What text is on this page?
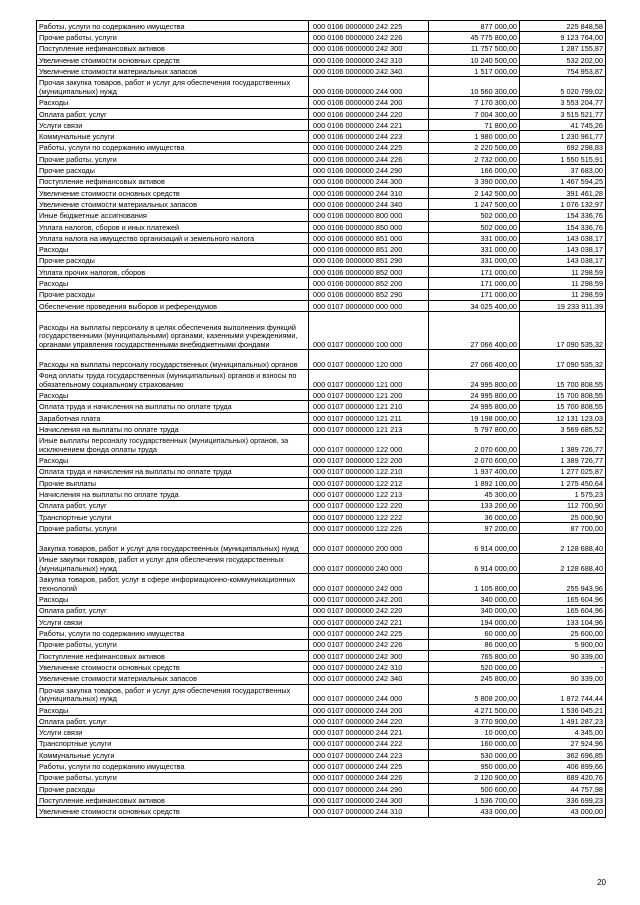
Работы, услуги по содержанию имущества	000 0106 0000000 242 225	877 000,00	225 848,58
Прочие работы, услуги	000 0106 0000000 242 226	45 775 800,00	9 123 764,00
Поступление нефинансовых активов	000 0106 0000000 242 300	11 757 500,00	1 287 155,87
Увеличение стоимости основных средств	000 0106 0000000 242 310	10 240 500,00	532 202,00
Увеличение стоимости материальных запасов	000 0106 0000000 242 340	1 517 000,00	754 953,87
Прочая закупка товаров, работ и услуг для обеспечения государственных (муниципальных) нужд	000 0106 0000000 244 000	10 560 300,00	5 020 799,02
Расходы	000 0106 0000000 244 200	7 170 300,00	3 553 204,77
Оплата работ, услуг	000 0106 0000000 244 220	7 004 300,00	3 515 521,77
Услуги связи	000 0106 0000000 244 221	71 800,00	41 745,26
Коммунальные услуги	000 0106 0000000 244 223	1 980 000,00	1 230 961,77
Работы, услуги по содержанию имущества	000 0106 0000000 244 225	2 220 500,00	692 298,83
Прочие работы, услуги	000 0106 0000000 244 226	2 732 000,00	1 550 515,91
Прочие расходы	000 0106 0000000 244 290	166 000,00	37 683,00
Поступление нефинансовых активов	000 0106 0000000 244 300	3 390 000,00	1 467 594,25
Увеличение стоимости основных средств	000 0106 0000000 244 310	2 142 500,00	391 461,28
Увеличение стоимости материальных запасов	000 0106 0000000 244 340	1 247 500,00	1 076 132,97
Иные бюджетные ассигнования	000 0106 0000000 800 000	502 000,00	154 336,76
Уплата налогов, сборов и иных платежей	000 0106 0000000 850 000	502 000,00	154 336,76
Уплата налога на имущество организаций и земельного налога	000 0106 0000000 851 000	331 000,00	143 038,17
Расходы	000 0106 0000000 851 200	331 000,00	143 038,17
Прочие расходы	000 0106 0000000 851 290	331 000,00	143 038,17
Уплата прочих налогов, сборов	000 0106 0000000 852 000	171 000,00	11 298,59
Расходы	000 0106 0000000 852 200	171 000,00	11 298,59
Прочие расходы	000 0106 0000000 852 290	171 000,00	11 298,59
Обеспечение проведения выборов и референдумов	000 0107 0000000 000 000	34 025 400,00	19 233 911,39
Расходы на выплаты персоналу в целях обеспечения выполнения функций государственными (муниципальными) органами, казенными учреждениями, органами управления государственными внебюджетными фондами	000 0107 0000000 100 000	27 066 400,00	17 090 535,32
Расходы на выплаты персоналу государственных (муниципальных) органов	000 0107 0000000 120 000	27 066 400,00	17 090 535,32
Фонд оплаты труда государственных (муниципальных) органов и взносы по обязательному социальному страхованию	000 0107 0000000 121 000	24 995 800,00	15 700 808,55
Расходы	000 0107 0000000 121 200	24 995 800,00	15 700 808,55
Оплата труда и начисления на выплаты по оплате труда	000 0107 0000000 121 210	24 995 800,00	15 700 808,55
Заработная плата	000 0107 0000000 121 211	19 198 000,00	12 131 123,03
Начисления на выплаты по оплате труда	000 0107 0000000 121 213	5 797 800,00	3 569 685,52
Иные выплаты персоналу государственных (муниципальных) органов, за исключением фонда оплаты труда	000 0107 0000000 122 000	2 070 600,00	1 389 726,77
Расходы	000 0107 0000000 122 200	2 070 600,00	1 389 726,77
Оплата труда и начисления на выплаты по оплате труда	000 0107 0000000 122 210	1 937 400,00	1 277 025,87
Прочие выплаты	000 0107 0000000 122 212	1 892 100,00	1 275 450,64
Начисления на выплаты по оплате труда	000 0107 0000000 122 213	45 300,00	1 575,23
Оплата работ, услуг	000 0107 0000000 122 220	133 200,00	112 700,90
Транспортные услуги	000 0107 0000000 122 222	36 000,00	25 000,90
Прочие работы, услуги	000 0107 0000000 122 226	97 200,00	87 700,00
Закупка товаров, работ и услуг для государственных (муниципальных) нужд	000 0107 0000000 200 000	6 914 000,00	2 128 688,40
Иные закупки товаров, работ и услуг для обеспечения государственных (муниципальных) нужд	000 0107 0000000 240 000	6 914 000,00	2 128 688,40
Закупка товаров, работ, услуг в сфере информационно-коммуникационных технологий	000 0107 0000000 242 000	1 105 800,00	255 943,96
Расходы	000 0107 0000000 242 200	340 000,00	165 604,96
Оплата работ, услуг	000 0107 0000000 242 220	340 000,00	165 604,96
Услуги связи	000 0107 0000000 242 221	194 000,00	133 104,96
Работы, услуги по содержанию имущества	000 0107 0000000 242 225	60 000,00	25 600,00
Прочие работы, услуги	000 0107 0000000 242 226	86 000,00	5 900,00
Поступление нефинансовых активов	000 0107 0000000 242 300	765 800,00	90 339,00
Увеличение стоимости основных средств	000 0107 0000000 242 310	520 000,00	-
Увеличение стоимости материальных запасов	000 0107 0000000 242 340	245 800,00	90 339,00
Прочая закупка товаров, работ и услуг для обеспечения государственных (муниципальных) нужд	000 0107 0000000 244 000	5 808 200,00	1 872 744,44
Расходы	000 0107 0000000 244 200	4 271 500,00	1 536 045,21
Оплата работ, услуг	000 0107 0000000 244 220	3 770 900,00	1 491 287,23
Услуги связи	000 0107 0000000 244 221	10 000,00	4 345,00
Транспортные услуги	000 0107 0000000 244 222	160 000,00	27 924,96
Коммунальные услуги	000 0107 0000000 244 223	530 000,00	362 696,85
Работы, услуги по содержанию имущества	000 0107 0000000 244 225	950 000,00	406 899,66
Прочие работы, услуги	000 0107 0000000 244 226	2 120 900,00	689 420,76
Прочие расходы	000 0107 0000000 244 290	500 600,00	44 757,98
Поступление нефинансовых активов	000 0107 0000000 244 300	1 536 700,00	336 699,23
Увеличение стоимости основных средств	000 0107 0000000 244 310	433 000,00	43 000,00
20
